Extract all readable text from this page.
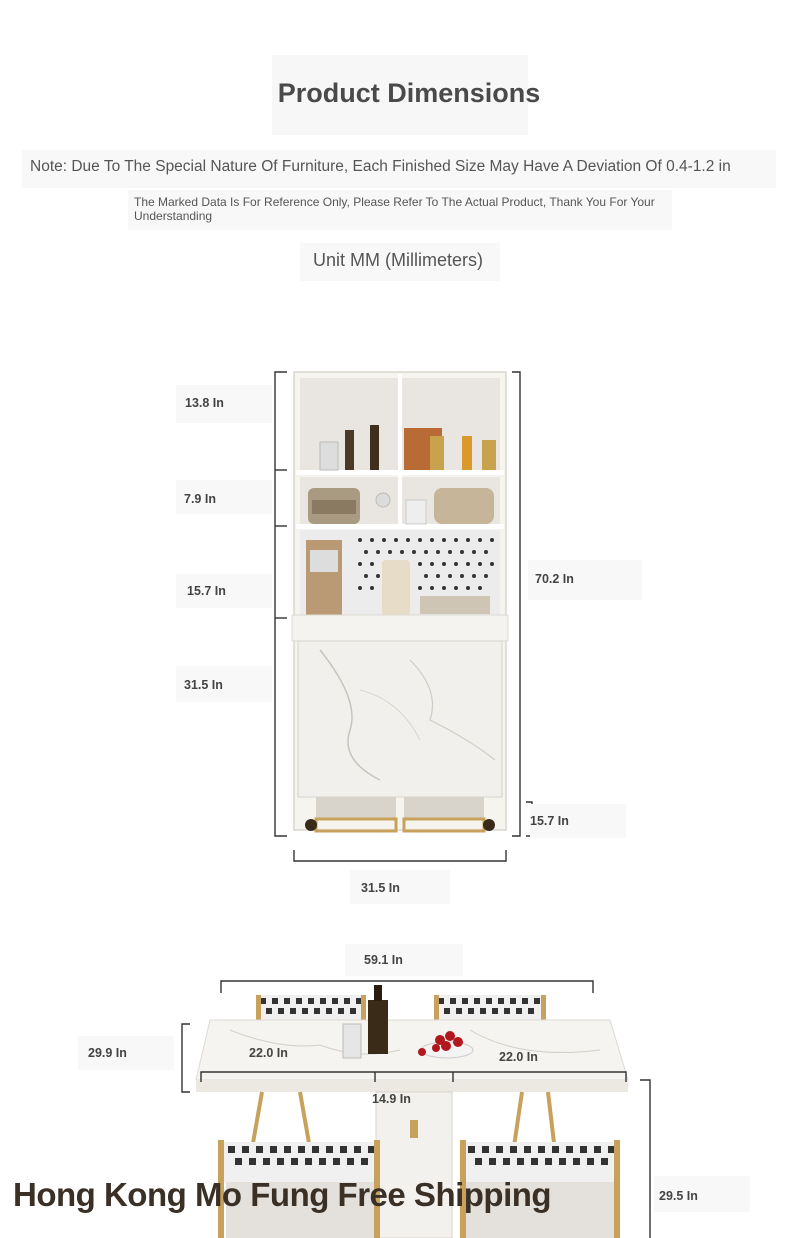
Product Dimensions
Note: Due To The Special Nature Of Furniture, Each Finished Size May Have A Deviation Of 0.4-1.2 in
The Marked Data Is For Reference Only, Please Refer To The Actual Product, Thank You For Your Understanding
Unit MM (Millimeters)
13.8 In
7.9 In
15.7 In
31.5 In
70.2 In
15.7 In
31.5 In
59.1 In
29.9 In	22.0 In	22.0 In
14.9 In
29.5 In
Hong Kong Mo Fung Free Shipping
